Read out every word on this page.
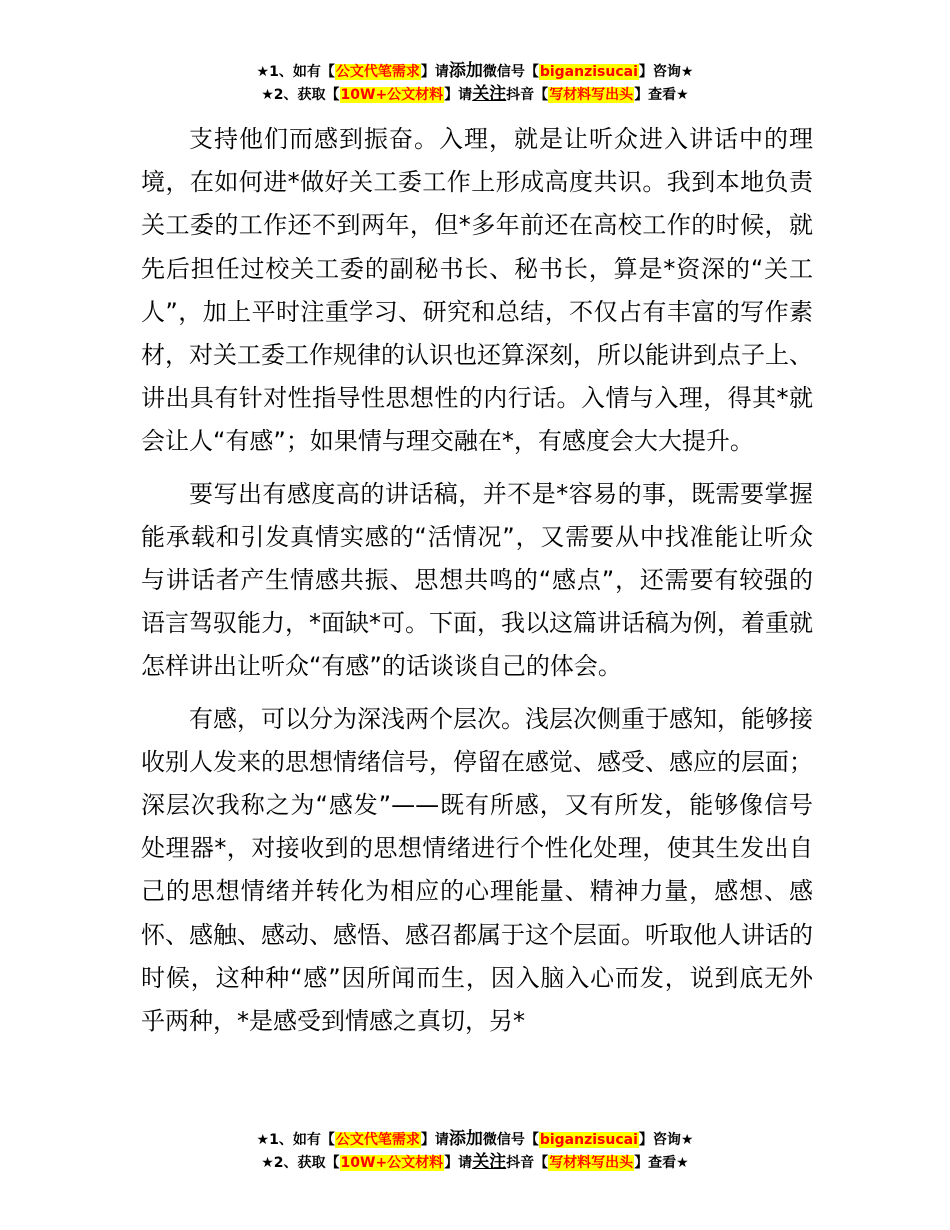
★1、如有【公文代笔需求】请添加微信号【biganzisucai】咨询★
★2、获取【10W+公文材料】请关注抖音【写材料写出头】查看★

支持他们而感到振奋。入理，就是让听众进入讲话中的理境，在如何进*做好关工委工作上形成高度共识。我到本地负责关工委的工作还不到两年，但*多年前还在高校工作的时候，就先后担任过校关工委的副秘书长、秘书长，算是*资深的“关工人”，加上平时注重学习、研究和总结，不仅占有丰富的写作素材，对关工委工作规律的认识也还算深刻，所以能讲到点子上、讲出具有针对性指导性思想性的内行话。入情与入理，得其*就会让人“有感”；如果情与理交融在*，有感度会大大提升。

要写出有感度高的讲话稿，并不是*容易的事，既需要掌握能承载和引发真情实感的“活情况”，又需要从中找准能让听众与讲话者产生情感共振、思想共鸣的“感点”，还需要有较强的语言驾驭能力，*面缺*可。下面，我以这篇讲话稿为例，着重就怎样讲出让听众“有感”的话谈谈自己的体会。

有感，可以分为深浅两个层次。浅层次侧重于感知，能够接收别人发来的思想情绪信号，停留在感觉、感受、感应的层面；深层次我称之为“感发”——既有所感，又有所发，能够像信号处理器*，对接收到的思想情绪进行个性化处理，使其生发出自己的思想情绪并转化为相应的心理能量、精神力量，感想、感怀、感触、感动、感悟、感召都属于这个层面。听取他人讲话的时候，这种种“感”因所闻而生，因入脑入心而发，说到底无外乎两种，*是感受到情感之真切，另*

★1、如有【公文代笔需求】请添加微信号【biganzisucai】咨询★
★2、获取【10W+公文材料】请关注抖音【写材料写出头】查看★
